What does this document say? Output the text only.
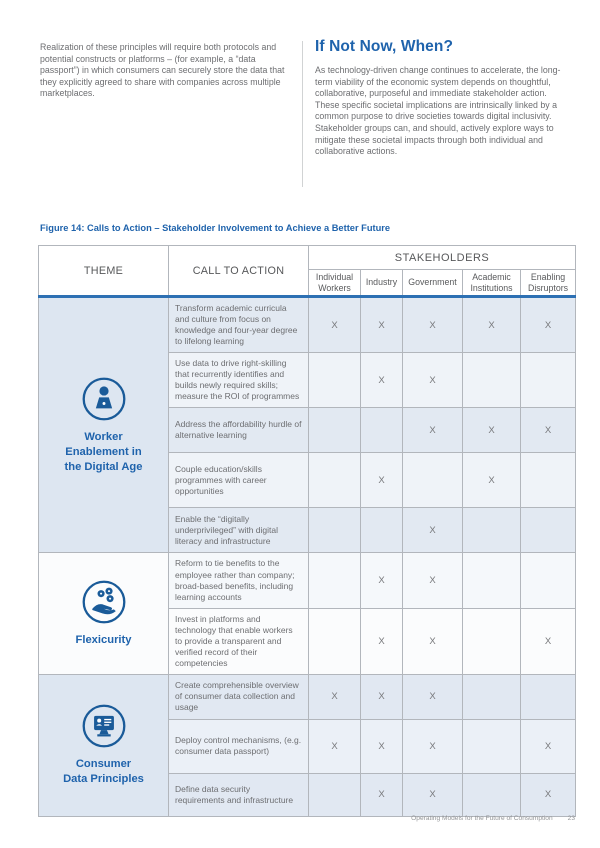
Realization of these principles will require both protocols and potential constructs or platforms – (for example, a “data passport”) in which consumers can securely store the data that they explicitly agreed to share with companies across multiple marketplaces.

If Not Now, When?

As technology-driven change continues to accelerate, the long-term viability of the economic system depends on thoughtful, collaborative, purposeful and immediate stakeholder action. These specific societal implications are intrinsically linked by a common purpose to drive societies towards digital inclusivity. Stakeholder groups can, and should, actively explore ways to mitigate these societal impacts through both individual and collaborative actions.

Figure 14: Calls to Action – Stakeholder Involvement to Achieve a Better Future
THEME	CALL TO ACTION	STAKEHOLDERS				
		Individual Workers	Industry	Government	Academic Institutions	Enabling Disruptors

Worker
Enablement in
the Digital Age	Transform academic curricula and culture from focus on knowledge and four-year degree to lifelong learning	X	X	X	X	X
	Use data to drive right-skilling that recurrently identifies and builds newly required skills; measure the ROI of programmes		X	X		
	Address the affordability hurdle of alternative learning			X	X	X
	Couple education/skills programmes with career opportunities		X		X	
	Enable the “digitally underprivileged” with digital literacy and infrastructure			X		

Flexicurity	Reform to tie benefits to the employee rather than company; broad-based benefits, including learning accounts		X	X		
	Invest in platforms and technology that enable workers to provide a transparent and verified record of their competencies		X	X		X

Consumer
Data Principles	Create comprehensible overview of consumer data collection and usage	X	X	X		
	Deploy control mechanisms, (e.g. consumer data passport)	X	X	X		X
	Define data security requirements and infrastructure		X	X		X
Operating Models for the Future of Consumption 23
